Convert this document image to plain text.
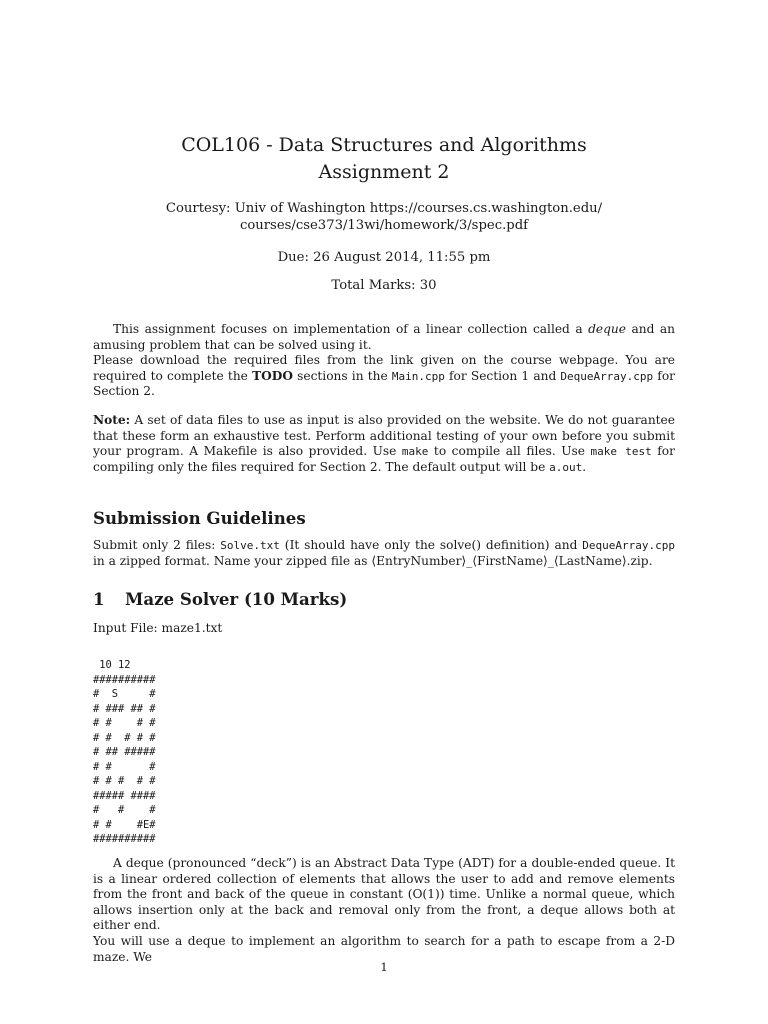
COL106 - Data Structures and Algorithms
Assignment 2
Courtesy: Univ of Washington https://courses.cs.washington.edu/
courses/cse373/13wi/homework/3/spec.pdf
Due: 26 August 2014, 11:55 pm
Total Marks: 30
This assignment focuses on implementation of a linear collection called a deque and an amusing problem that can be solved using it.
Please download the required files from the link given on the course webpage. You are required to complete the TODO sections in the Main.cpp for Section 1 and DequeArray.cpp for Section 2.
Note: A set of data files to use as input is also provided on the website. We do not guarantee that these form an exhaustive test. Perform additional testing of your own before you submit your program. A Makefile is also provided. Use make to compile all files. Use make test for compiling only the files required for Section 2. The default output will be a.out.
Submission Guidelines
Submit only 2 files: Solve.txt (It should have only the solve() definition) and DequeArray.cpp in a zipped format. Name your zipped file as ⟨EntryNumber⟩_⟨FirstName⟩_⟨LastName⟩.zip.
1 Maze Solver (10 Marks)
Input File: maze1.txt
10 12
##########
#  S     #
# ### ## #
# #    # #
# #  # # #
# ## #####
# #      #
# # #  # #
##### ####
#   #    #
# #    #E#
##########
A deque (pronounced “deck”) is an Abstract Data Type (ADT) for a double-ended queue. It is a linear ordered collection of elements that allows the user to add and remove elements from the front and back of the queue in constant (O(1)) time. Unlike a normal queue, which allows insertion only at the back and removal only from the front, a deque allows both at either end.
You will use a deque to implement an algorithm to search for a path to escape from a 2-D maze. We
1
